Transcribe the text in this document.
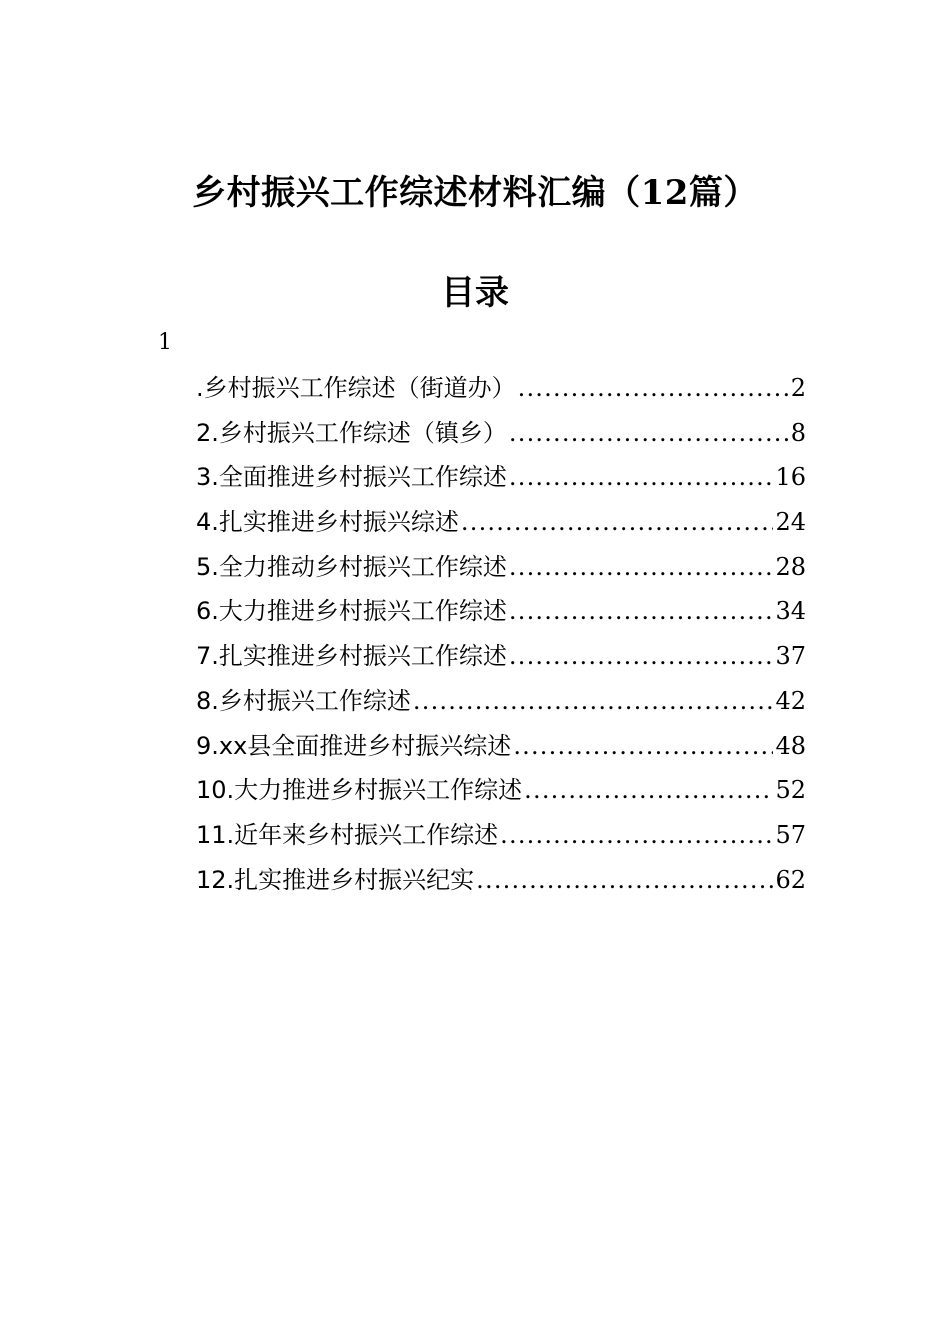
乡村振兴工作综述材料汇编（12篇）
目录
1
.乡村振兴工作综述（街道办） .....	2
2.乡村振兴工作综述（镇乡） .....	8
3.全面推进乡村振兴工作综述 .....	16
4.扎实推进乡村振兴综述 .....	24
5.全力推动乡村振兴工作综述 .....	28
6.大力推进乡村振兴工作综述 .....	34
7.扎实推进乡村振兴工作综述 .....	37
8.乡村振兴工作综述 .....	42
9.xx县全面推进乡村振兴综述 .....	48
10.大力推进乡村振兴工作综述 .....	52
11.近年来乡村振兴工作综述 .....	57
12.扎实推进乡村振兴纪实 .....	62
